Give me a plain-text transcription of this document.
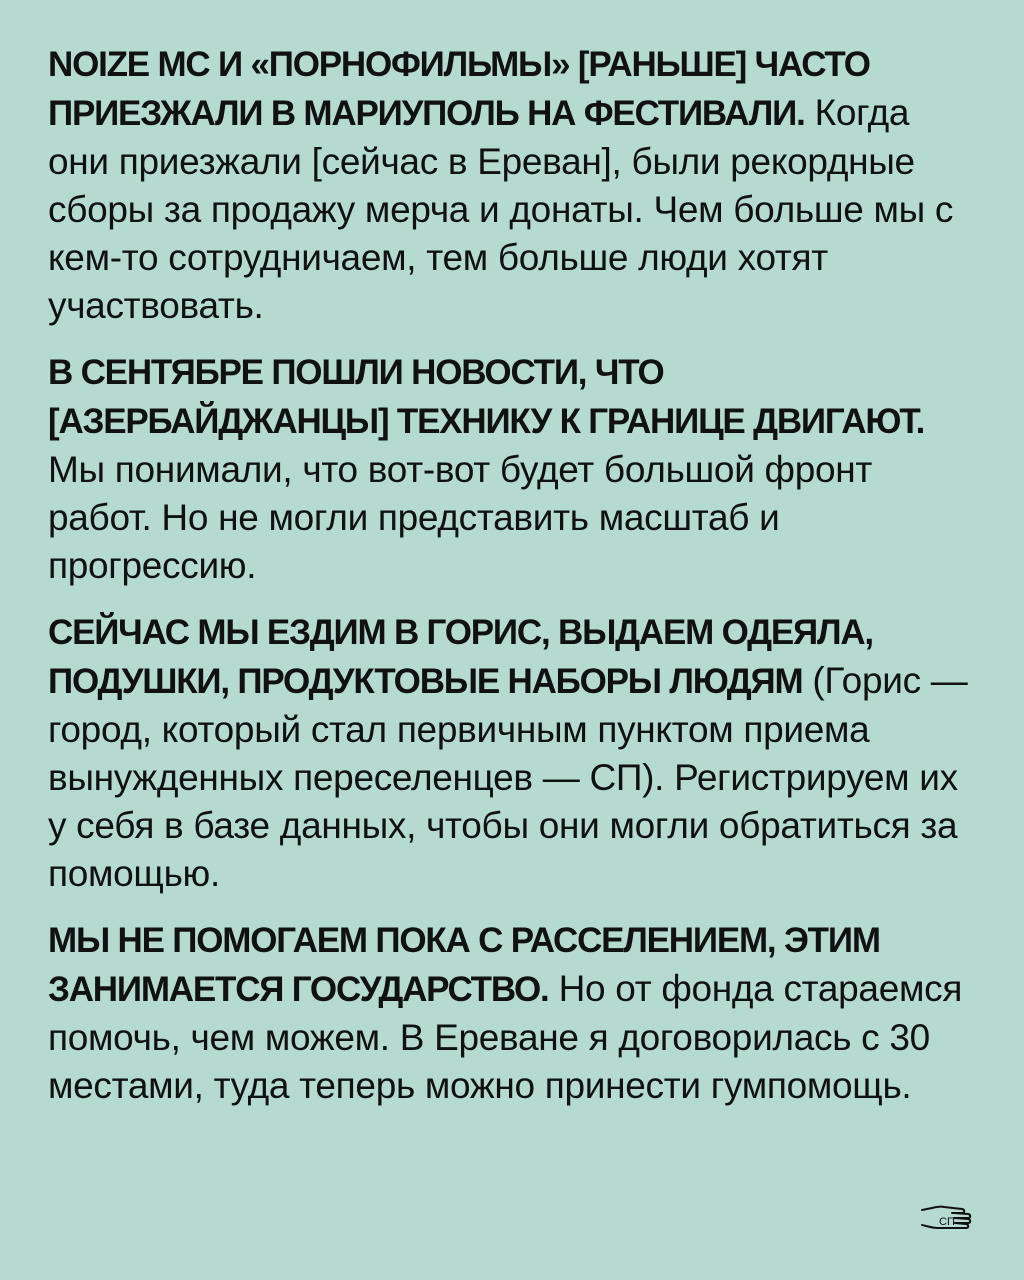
NOIZE MC И «ПОРНОФИЛЬМЫ» [РАНЬШЕ] ЧАСТО ПРИЕЗЖАЛИ В МАРИУПОЛЬ НА ФЕСТИВАЛИ. Когда они приезжали [сейчас в Ереван], были рекордные сборы за продажу мерча и донаты. Чем больше мы с кем-то сотрудничаем, тем больше люди хотят участвовать.

В СЕНТЯБРЕ ПОШЛИ НОВОСТИ, ЧТО [АЗЕРБАЙДЖАНЦЫ] ТЕХНИКУ К ГРАНИЦЕ ДВИГАЮТ. Мы понимали, что вот-вот будет большой фронт работ. Но не могли представить масштаб и прогрессию.

СЕЙЧАС МЫ ЕЗДИМ В ГОРИС, ВЫДАЕМ ОДЕЯЛА, ПОДУШКИ, ПРОДУКТОВЫЕ НАБОРЫ ЛЮДЯМ (Горис — город, который стал первичным пунктом приема вынужденных переселенцев — СП). Регистрируем их у себя в базе данных, чтобы они могли обратиться за помощью.

МЫ НЕ ПОМОГАЕМ ПОКА С РАССЕЛЕНИЕМ, ЭТИМ ЗАНИМАЕТСЯ ГОСУДАРСТВО. Но от фонда стараемся помочь, чем можем. В Ереване я договорилась с 30 местами, туда теперь можно принести гумпомощь.

СП
